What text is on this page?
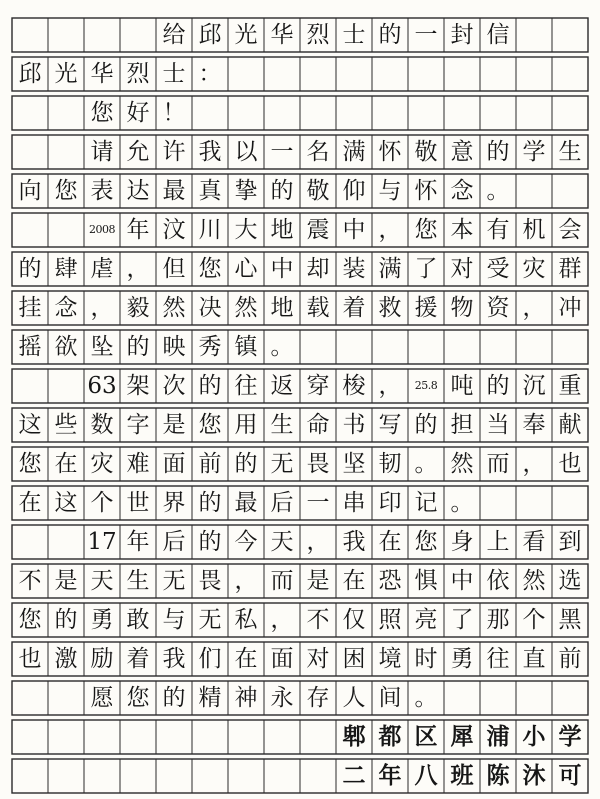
给 邱 光 华 烈 士 的 一 封 信
邱 光 华 烈 士 ：
您 好 ！
请 允 许 我 以 一 名 满 怀 敬 意 的 学 生
向 您 表 达 最 真 挚 的 敬 仰 与 怀 念 。
2008 年 汶 川 大 地 震 中 ， 您 本 有 机 会
的 肆 虐 ， 但 您 心 中 却 装 满 了 对 受 灾 群
挂 念 ， 毅 然 决 然 地 载 着 救 援 物 资 ， 冲
摇 欲 坠 的 映 秀 镇 。
63 架 次 的 往 返 穿 梭 ，	25.8 吨 的 沉 重
这 些 数 字 是 您 用 生 命 书 写 的 担 当 奉 献
您 在 灾 难 面 前 的 无 畏 坚 韧 。 然 而 ， 也
在 这 个 世 界 的 最 后 一 串 印 记 。
17 年 后 的 今 天 ， 我 在 您 身 上 看 到
不 是 天 生 无 畏 ， 而 是 在 恐 惧 中 依 然 选
您 的 勇 敢 与 无 私 ， 不 仅 照 亮 了 那 个 黑
也 激 励 着 我 们 在 面 对 困 境 时 勇 往 直 前
愿 您 的 精 神 永 存 人 间 。
郫 都 区 犀 浦 小 学
二 年 八 班 陈 沐 可
